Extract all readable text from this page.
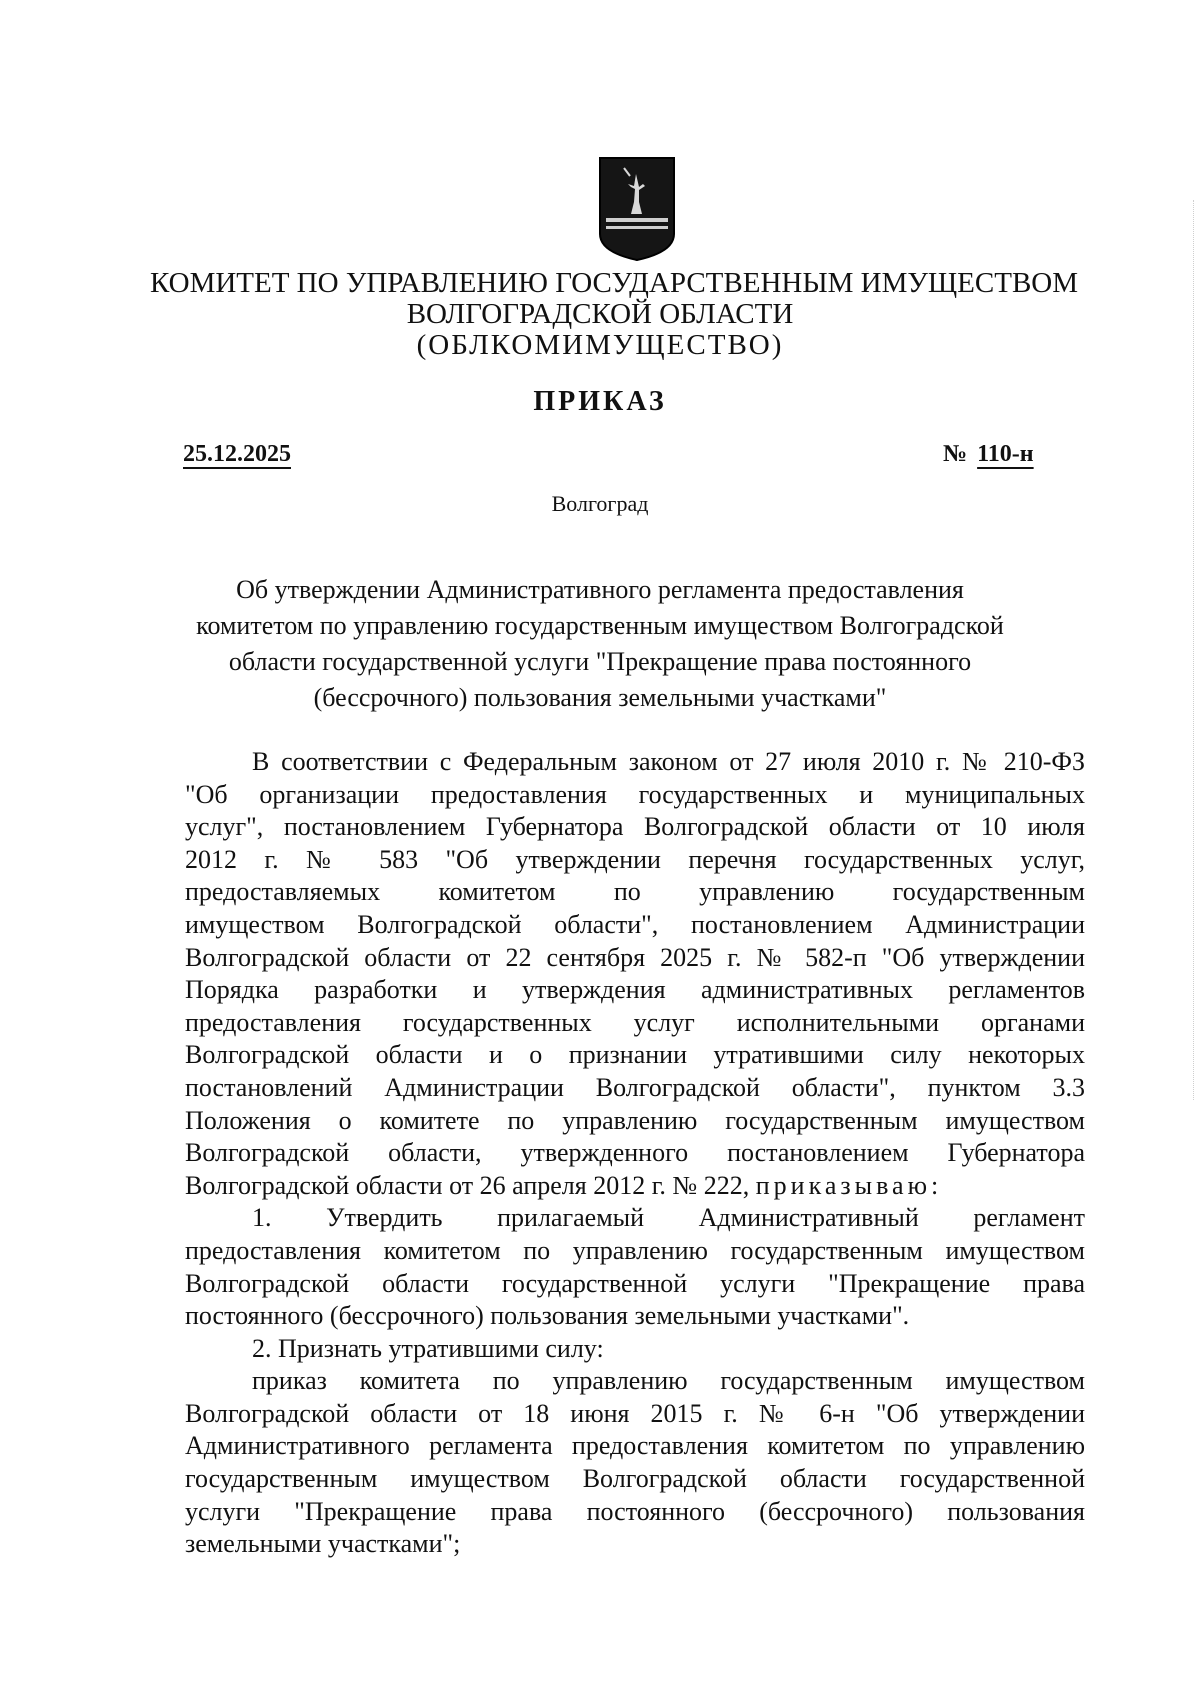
КОМИТЕТ ПО УПРАВЛЕНИЮ ГОСУДАРСТВЕННЫМ ИМУЩЕСТВОМ
ВОЛГОГРАДСКОЙ ОБЛАСТИ
(ОБЛКОМИМУЩЕСТВО)
ПРИКАЗ
25.12.2025	№ 110-н
Волгоград
Об утверждении Административного регламента предоставления
комитетом по управлению государственным имуществом Волгоградской
области государственной услуги "Прекращение права постоянного
(бессрочного) пользования земельными участками"
В соответствии с Федеральным законом от 27 июля 2010 г. № 210-ФЗ
"Об организации предоставления государственных и муниципальных
услуг", постановлением Губернатора Волгоградской области от 10 июля
2012 г. № 583 "Об утверждении перечня государственных услуг,
предоставляемых комитетом по управлению государственным
имуществом Волгоградской области", постановлением Администрации
Волгоградской области от 22 сентября 2025 г. № 582-п "Об утверждении
Порядка разработки и утверждения административных регламентов
предоставления государственных услуг исполнительными органами
Волгоградской области и о признании утратившими силу некоторых
постановлений Администрации Волгоградской области", пунктом 3.3
Положения о комитете по управлению государственным имуществом
Волгоградской области, утвержденного постановлением Губернатора
Волгоградской области от 26 апреля 2012 г. № 222, приказываю:
1. Утвердить прилагаемый Административный регламент
предоставления комитетом по управлению государственным имуществом
Волгоградской области государственной услуги "Прекращение права
постоянного (бессрочного) пользования земельными участками".
2. Признать утратившими силу:
приказ комитета по управлению государственным имуществом
Волгоградской области от 18 июня 2015 г. № 6-н "Об утверждении
Административного регламента предоставления комитетом по управлению
государственным имуществом Волгоградской области государственной
услуги "Прекращение права постоянного (бессрочного) пользования
земельными участками";
